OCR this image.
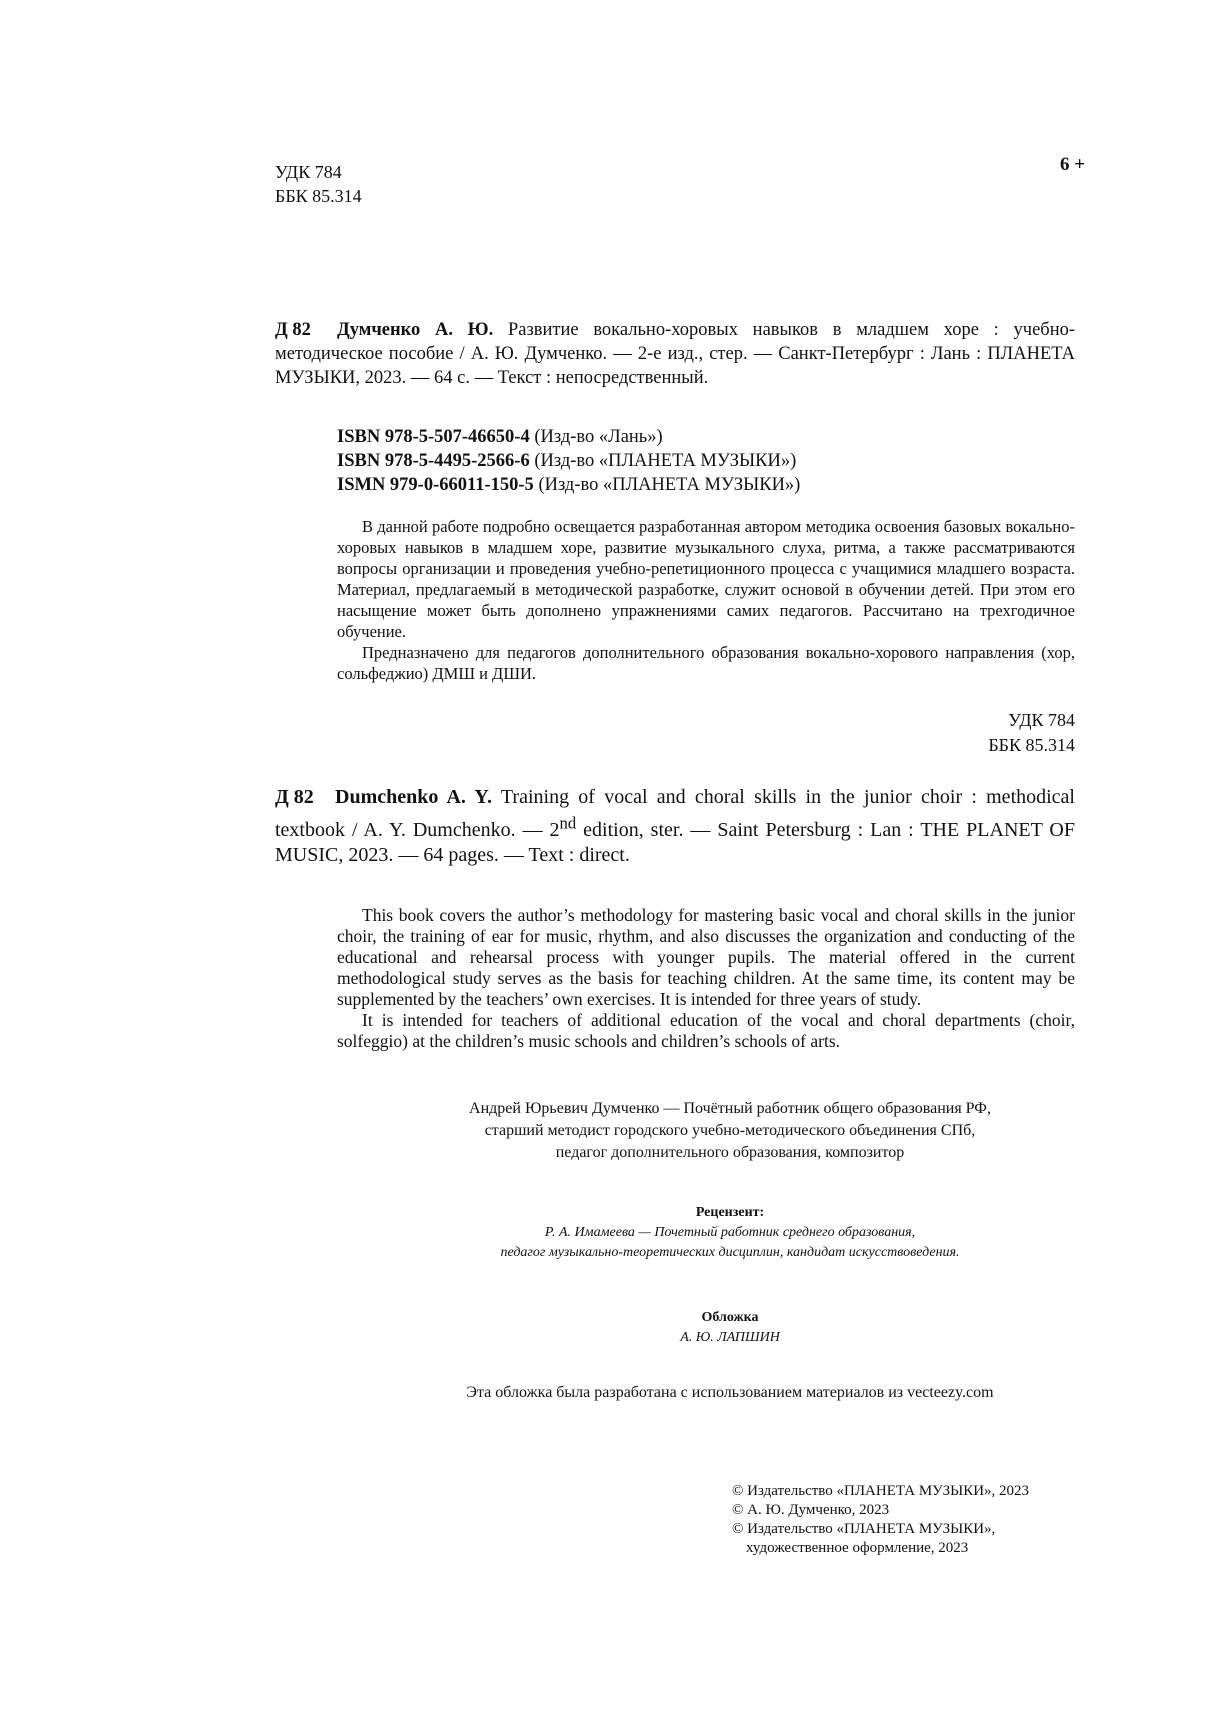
УДК 784
ББК 85.314
6 +
Д 82	Думченко А. Ю. Развитие вокально-хоровых навыков в младшем хоре : учебно-методическое пособие / А. Ю. Думченко. — 2-е изд., стер. — Санкт-Петербург : Лань : ПЛАНЕТА МУЗЫКИ, 2023. — 64 с. — Текст : непосредственный.
ISBN 978-5-507-46650-4 (Изд-во «Лань»)
ISBN 978-5-4495-2566-6 (Изд-во «ПЛАНЕТА МУЗЫКИ»)
ISMN 979-0-66011-150-5 (Изд-во «ПЛАНЕТА МУЗЫКИ»)

В данной работе подробно освещается разработанная автором методика освоения базовых вокально-хоровых навыков в младшем хоре, развитие музыкального слуха, ритма, а также рассматриваются вопросы организации и проведения учебно-репетиционного процесса с учащимися младшего возраста. Материал, предлагаемый в методической разработке, служит основой в обучении детей. При этом его насыщение может быть дополнено упражнениями самих педагогов. Рассчитано на трехгодичное обучение.

Предназначено для педагогов дополнительного образования вокально-хорового направления (хор, сольфеджио) ДМШ и ДШИ.

УДК 784
ББК 85.314
Д 82	Dumchenko A. Y. Training of vocal and choral skills in the junior choir : methodical textbook / A. Y. Dumchenko. — 2nd edition, ster. — Saint Petersburg : Lan : THE PLANET OF MUSIC, 2023. — 64 pages. — Text : direct.

This book covers the author’s methodology for mastering basic vocal and choral skills in the junior choir, the training of ear for music, rhythm, and also discusses the organization and conducting of the educational and rehearsal process with younger pupils. The material offered in the current methodological study serves as the basis for teaching children. At the same time, its content may be supplemented by the teachers’ own exercises. It is intended for three years of study.

It is intended for teachers of additional education of the vocal and choral departments (choir, solfeggio) at the children’s music schools and children’s schools of arts.

Андрей Юрьевич Думченко — Почётный работник общего образования РФ,
старший методист городского учебно-методического объединения СПб,
педагог дополнительного образования, композитор
Рецензент:
Р. А. Имамеева — Почетный работник среднего образования,
педагог музыкально-теоретических дисциплин, кандидат искусствоведения.
Обложка
А. Ю. ЛАПШИН
Эта обложка была разработана с использованием материалов из vecteezy.com
© Издательство «ПЛАНЕТА МУЗЫКИ», 2023
© А. Ю. Думченко, 2023
© Издательство «ПЛАНЕТА МУЗЫКИ»,
художественное оформление, 2023
